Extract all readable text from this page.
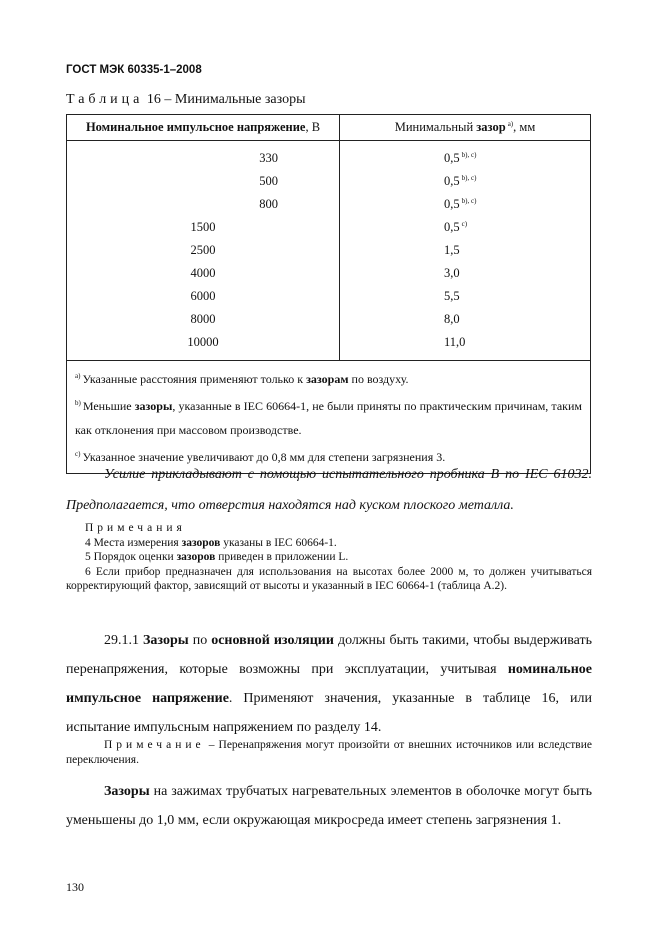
ГОСТ МЭК 60335-1–2008
Таблица 16 – Минимальные зазоры
Номинальное импульсное напряжение, В	Минимальный зазор $^{a)}$, мм
330	0,5 $^{b), c)}$
500	0,5 $^{b), c)}$
800	0,5 $^{b), c)}$
1500	0,5 $^{c)}$
2500	1,5
4000	3,0
6000	5,5
8000	8,0
10000	11,0

$^{a)}$ Указанные расстояния применяют только к зазорам по воздуху.

$^{b)}$ Меньшие зазоры, указанные в IEC 60664-1, не были приняты по практическим причинам, таким как отклонения при массовом производстве.

$^{c)}$ Указанное значение увеличивают до 0,8 мм для степени загрязнения 3.	

Усилие прикладывают с помощью испытательного пробника B по IEC 61032. Предполагается, что отверстия находятся над куском плоского металла.
Примечания

4 Места измерения зазоров указаны в IEC 60664-1.

5 Порядок оценки зазоров приведен в приложении L.

6 Если прибор предназначен для использования на высотах более 2000 м, то должен учитываться корректирующий фактор, зависящий от высоты и указанный в IEC 60664-1 (таблица A.2).

29.1.1 Зазоры по основной изоляции должны быть такими, чтобы выдерживать перенапряжения, которые возможны при эксплуатации, учитывая номинальное импульсное напряжение. Применяют значения, указанные в таблице 16, или испытание импульсным напряжением по разделу 14.
Примечание – Перенапряжения могут произойти от внешних источников или вследствие переключения.
Зазоры на зажимах трубчатых нагревательных элементов в оболочке могут быть уменьшены до 1,0 мм, если окружающая микросреда имеет степень загрязнения 1.
130
